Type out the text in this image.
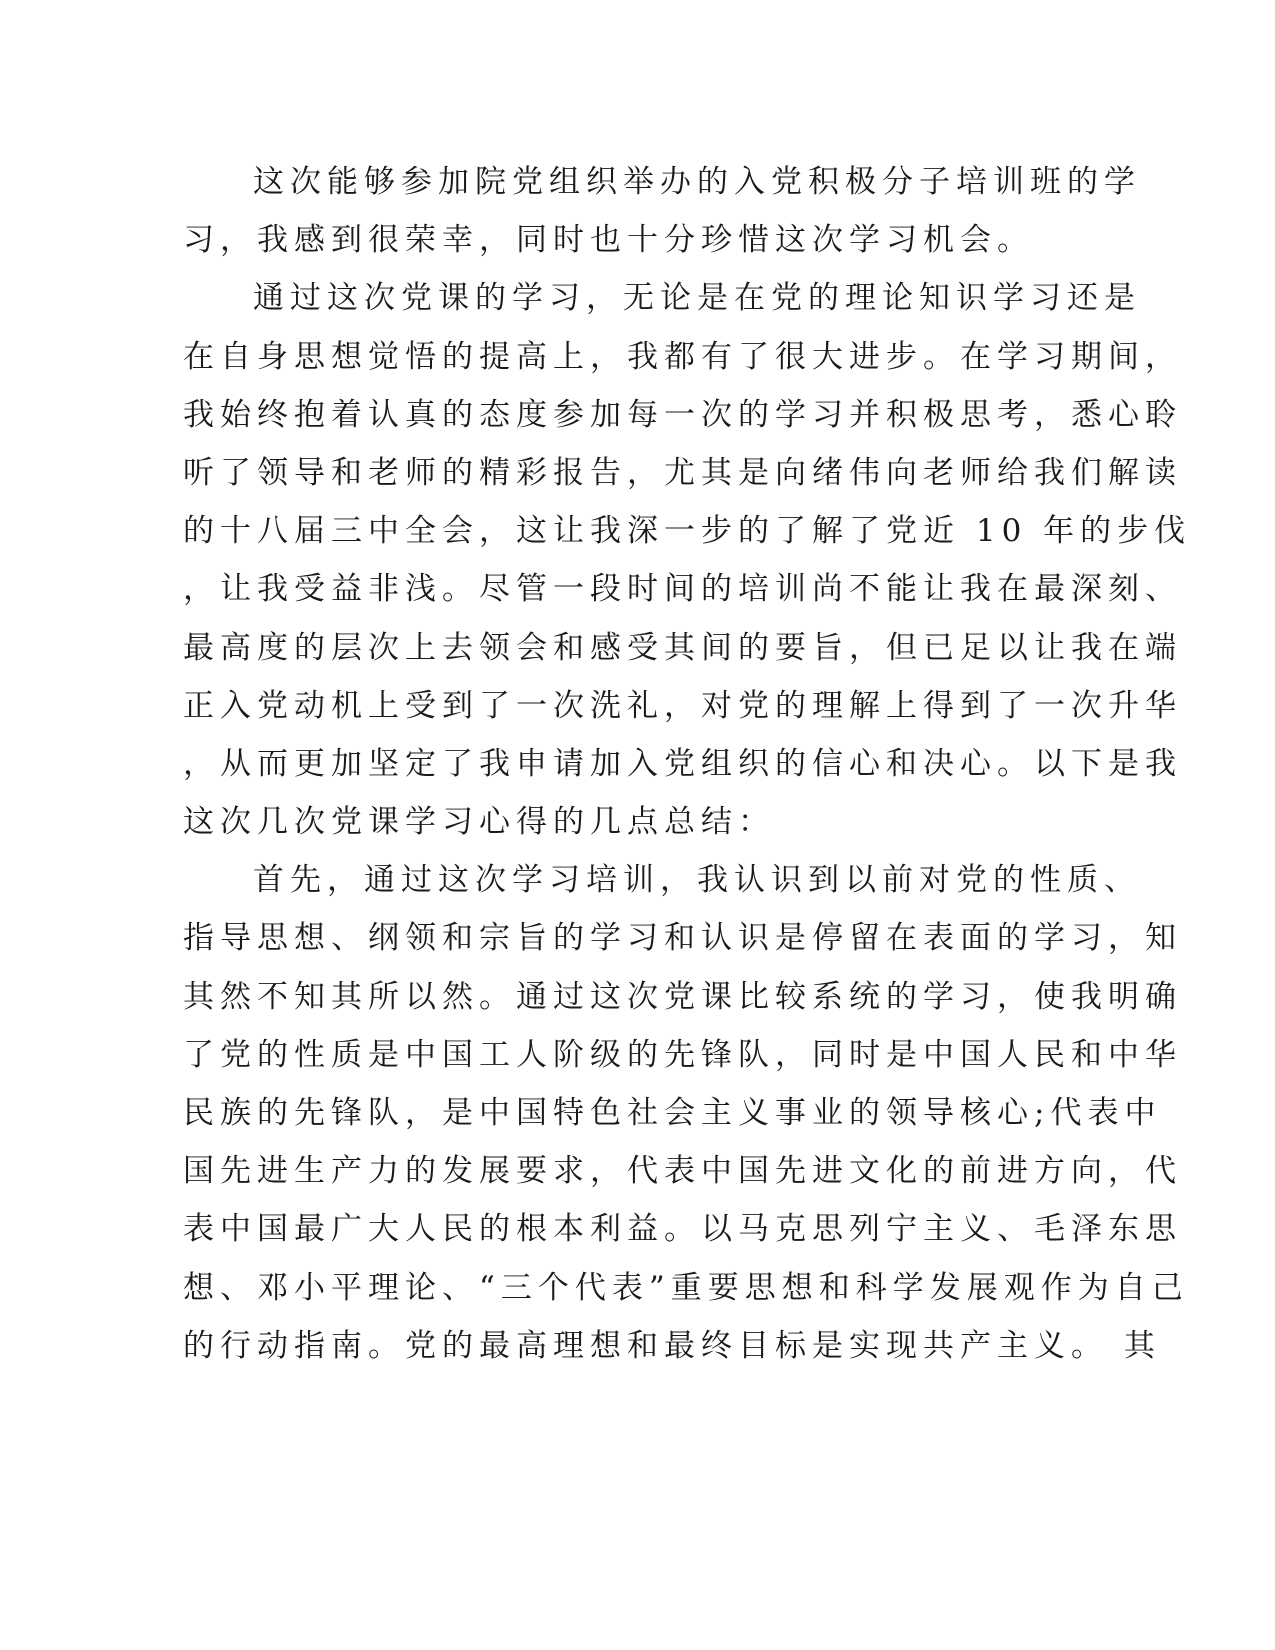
这次能够参加院党组织举办的入党积极分子培训班的学
习，我感到很荣幸，同时也十分珍惜这次学习机会。
通过这次党课的学习，无论是在党的理论知识学习还是
在自身思想觉悟的提高上，我都有了很大进步。在学习期间，
我始终抱着认真的态度参加每一次的学习并积极思考，悉心聆
听了领导和老师的精彩报告，尤其是向绪伟向老师给我们解读
的十八届三中全会，这让我深一步的了解了党近 10 年的步伐
，让我受益非浅。尽管一段时间的培训尚不能让我在最深刻、
最高度的层次上去领会和感受其间的要旨，但已足以让我在端
正入党动机上受到了一次洗礼，对党的理解上得到了一次升华
，从而更加坚定了我申请加入党组织的信心和决心。以下是我
这次几次党课学习心得的几点总结：
首先，通过这次学习培训，我认识到以前对党的性质、
指导思想、纲领和宗旨的学习和认识是停留在表面的学习，知
其然不知其所以然。通过这次党课比较系统的学习，使我明确
了党的性质是中国工人阶级的先锋队，同时是中国人民和中华
民族的先锋队，是中国特色社会主义事业的领导核心;代表中
国先进生产力的发展要求，代表中国先进文化的前进方向，代
表中国最广大人民的根本利益。以马克思列宁主义、毛泽东思
想、邓小平理论、“三个代表”重要思想和科学发展观作为自己
的行动指南。党的最高理想和最终目标是实现共产主义。 其
